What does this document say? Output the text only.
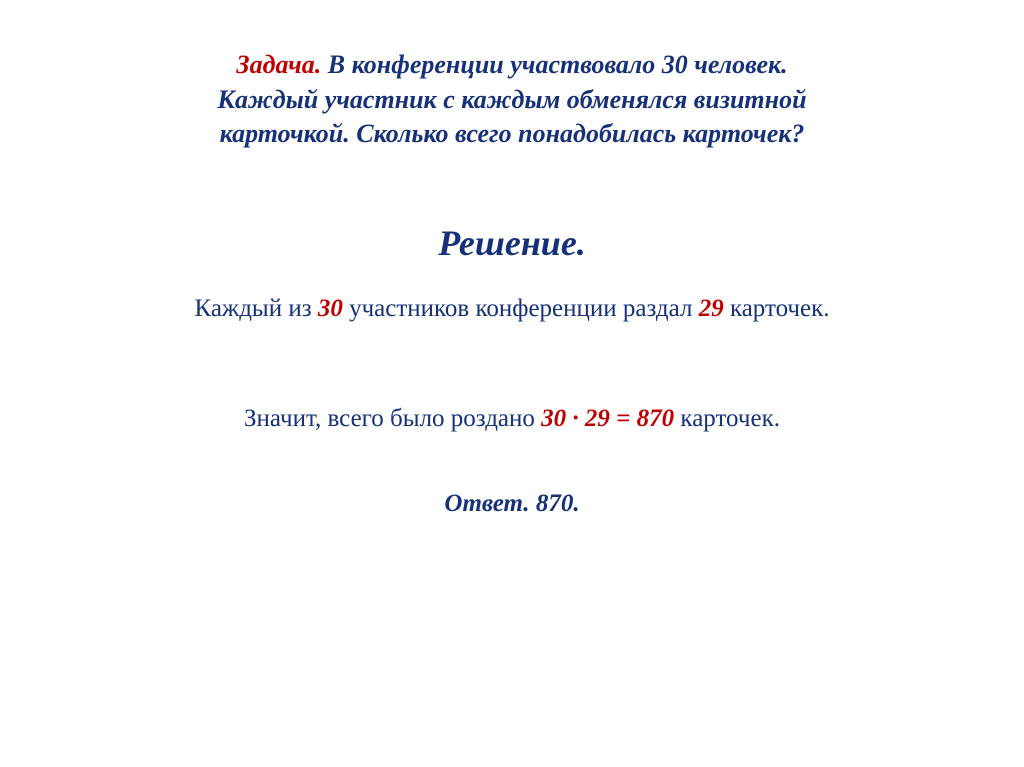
Задача. В конференции участвовало 30 человек.
Каждый участник с каждым обменялся визитной
карточкой. Сколько всего понадобилась карточек?
Решение.
Каждый из 30 участников конференции раздал 29 карточек.
Значит, всего было роздано 30 · 29 = 870 карточек.
Ответ. 870.
